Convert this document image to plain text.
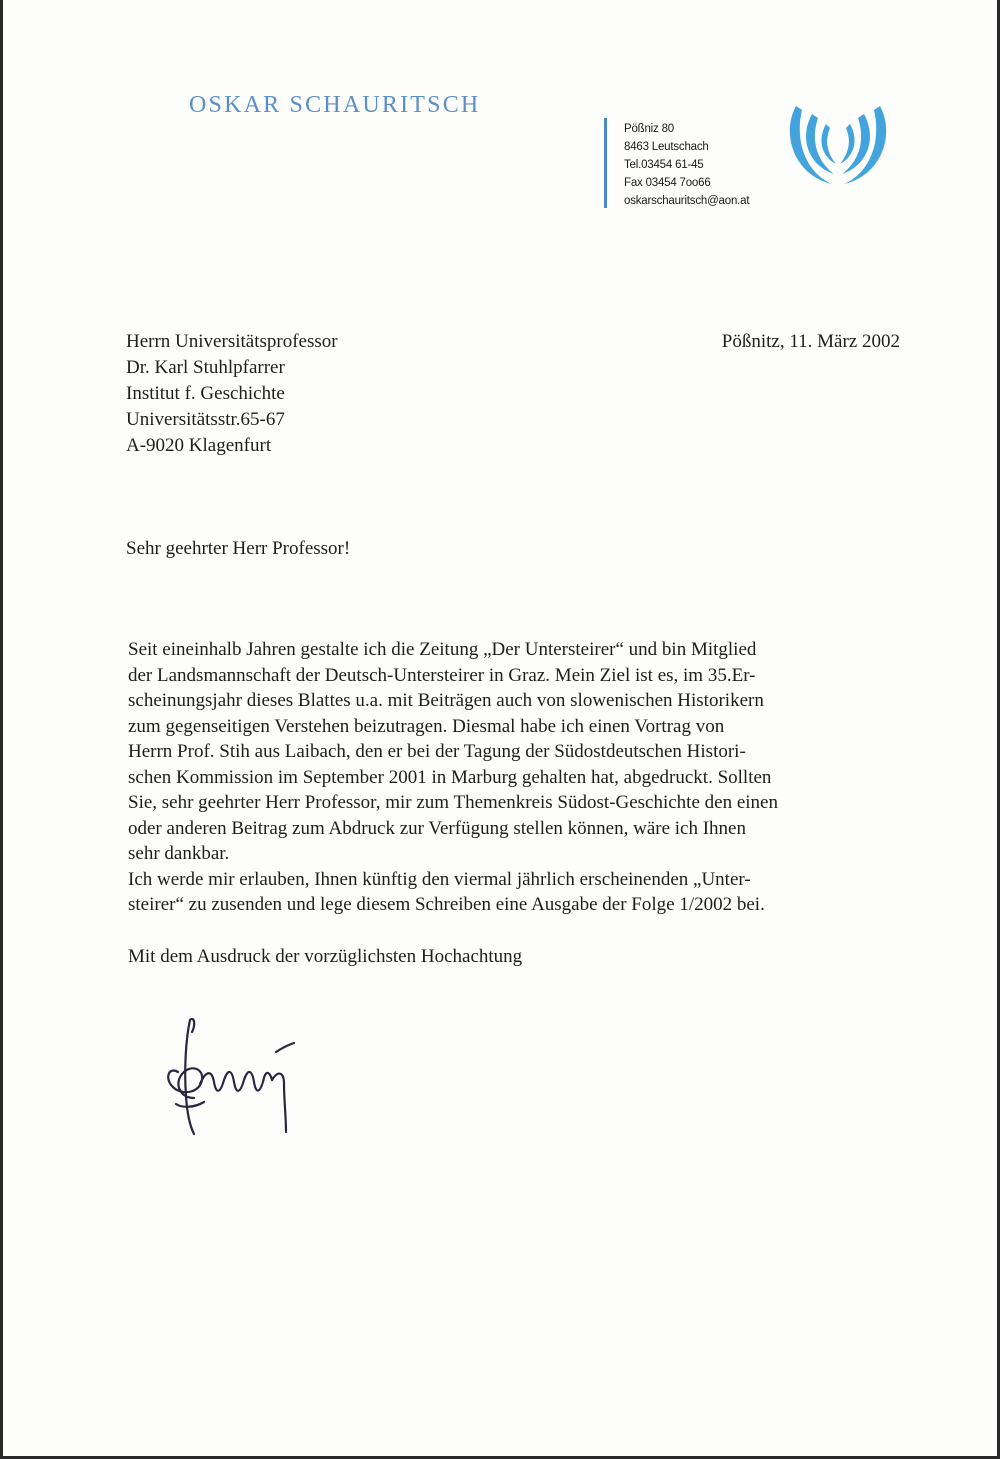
OSKAR SCHAURITSCH
Pößniz 80
8463 Leutschach
Tel.03454 61-45
Fax 03454 7oo66
oskarschauritsch@aon.at
Herrn Universitätsprofessor
Dr. Karl Stuhlpfarrer
Institut f. Geschichte
Universitätsstr.65-67
A-9020 Klagenfurt
Pößnitz, 11. März 2002
Sehr geehrter Herr Professor!
Seit eineinhalb Jahren gestalte ich die Zeitung „Der Untersteirer“ und bin Mitglied
der Landsmannschaft der Deutsch-Untersteirer in Graz. Mein Ziel ist es, im 35.Er-
scheinungsjahr dieses Blattes u.a. mit Beiträgen auch von slowenischen Historikern
zum gegenseitigen Verstehen beizutragen. Diesmal habe ich einen Vortrag von
Herrn Prof. Stih aus Laibach, den er bei der Tagung der Südostdeutschen Histori-
schen Kommission im September 2001 in Marburg gehalten hat, abgedruckt. Sollten
Sie, sehr geehrter Herr Professor, mir zum Themenkreis Südost-Geschichte den einen
oder anderen Beitrag zum Abdruck zur Verfügung stellen können, wäre ich Ihnen
sehr dankbar.
Ich werde mir erlauben, Ihnen künftig den viermal jährlich erscheinenden „Unter-
steirer“ zu zusenden und lege diesem Schreiben eine Ausgabe der Folge 1/2002 bei.
Mit dem Ausdruck der vorzüglichsten Hochachtung
